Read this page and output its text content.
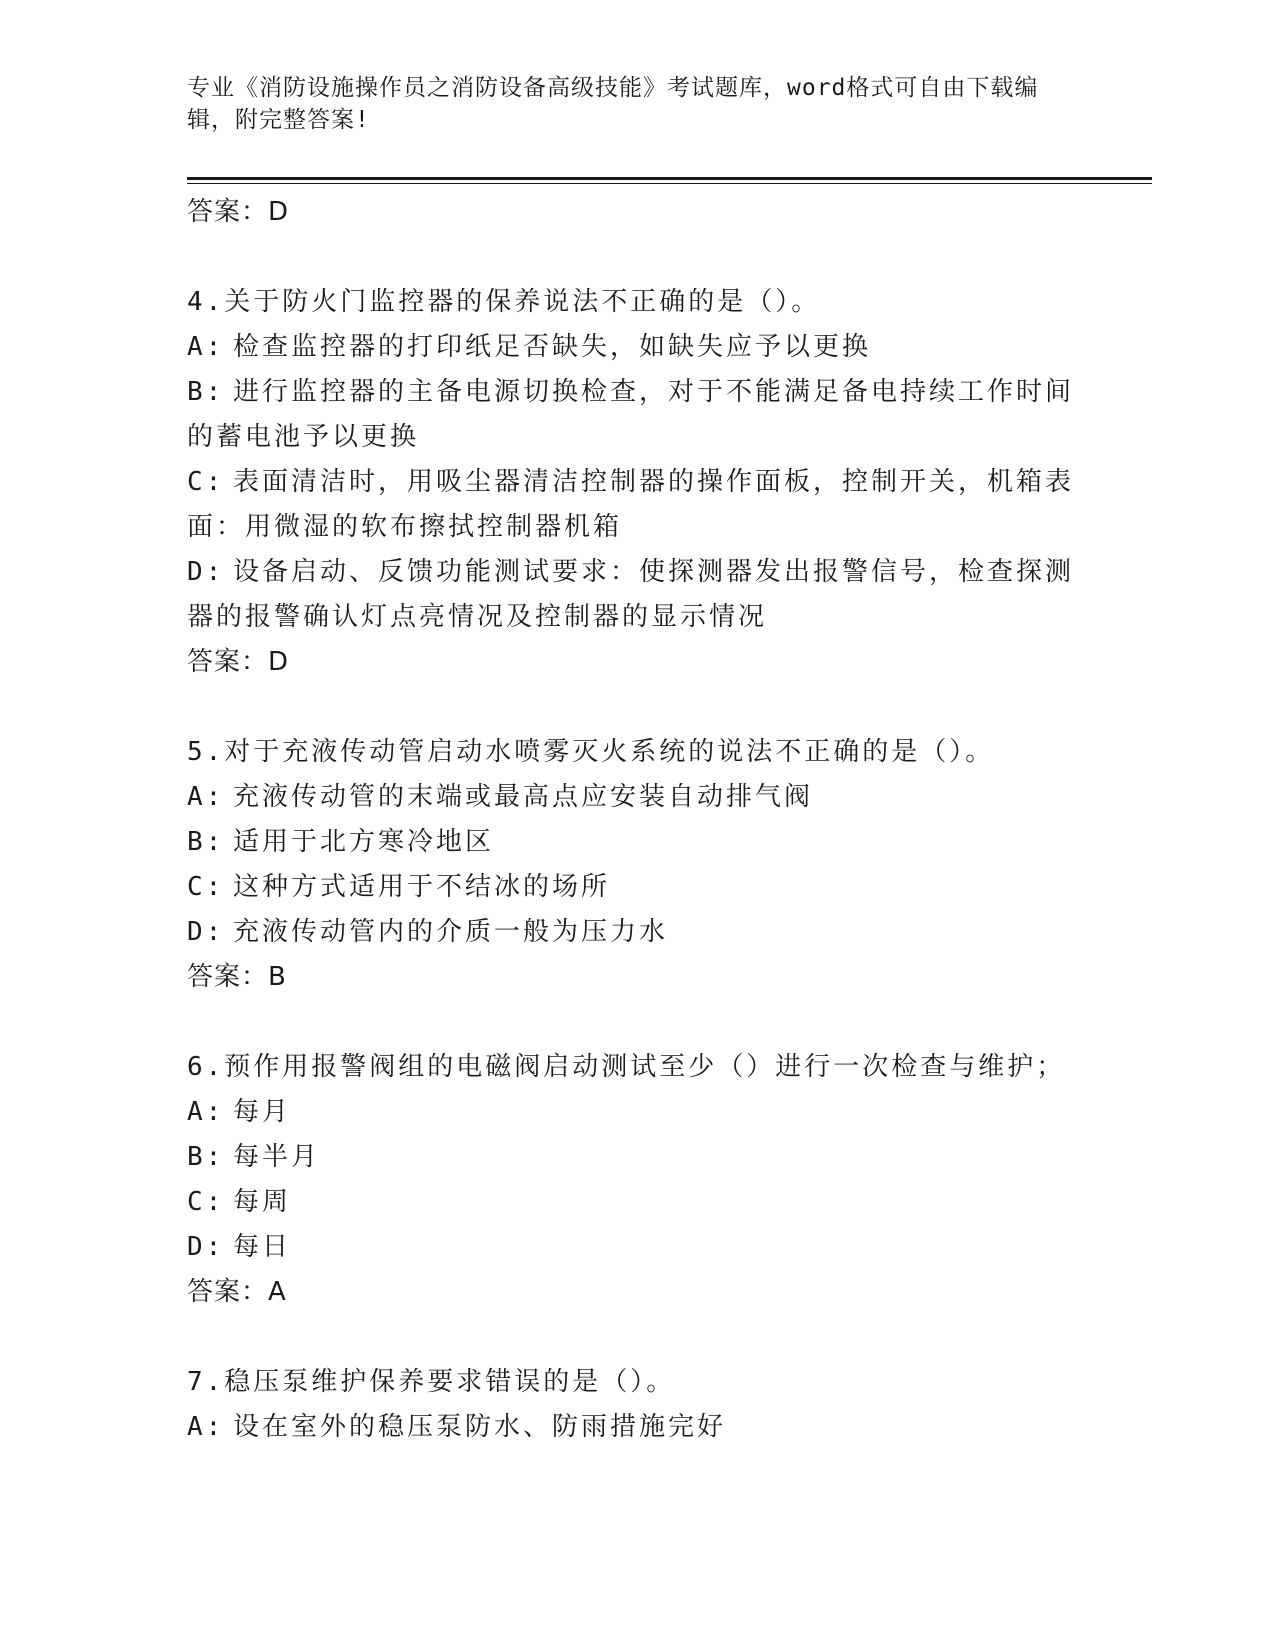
专业《消防设施操作员之消防设备高级技能》考试题库，word格式可自由下载编
辑，附完整答案!

答案：D

4.关于防火门监控器的保养说法不正确的是（）。

A: 检查监控器的打印纸足否缺失，如缺失应予以更换

B: 进行监控器的主备电源切换检查，对于不能满足备电持续工作时间

的蓄电池予以更换

C: 表面清洁时，用吸尘器清洁控制器的操作面板，控制开关，机箱表

面：用微湿的软布擦拭控制器机箱

D: 设备启动、反馈功能测试要求：使探测器发出报警信号，检查探测

器的报警确认灯点亮情况及控制器的显示情况

答案：D

5.对于充液传动管启动水喷雾灭火系统的说法不正确的是（）。

A: 充液传动管的末端或最高点应安装自动排气阀

B: 适用于北方寒冷地区

C: 这种方式适用于不结冰的场所

D: 充液传动管内的介质一般为压力水

答案：B

6.预作用报警阀组的电磁阀启动测试至少（）进行一次检查与维护；

A: 每月

B: 每半月

C: 每周

D: 每日

答案：A

7.稳压泵维护保养要求错误的是（）。

A: 设在室外的稳压泵防水、防雨措施完好
